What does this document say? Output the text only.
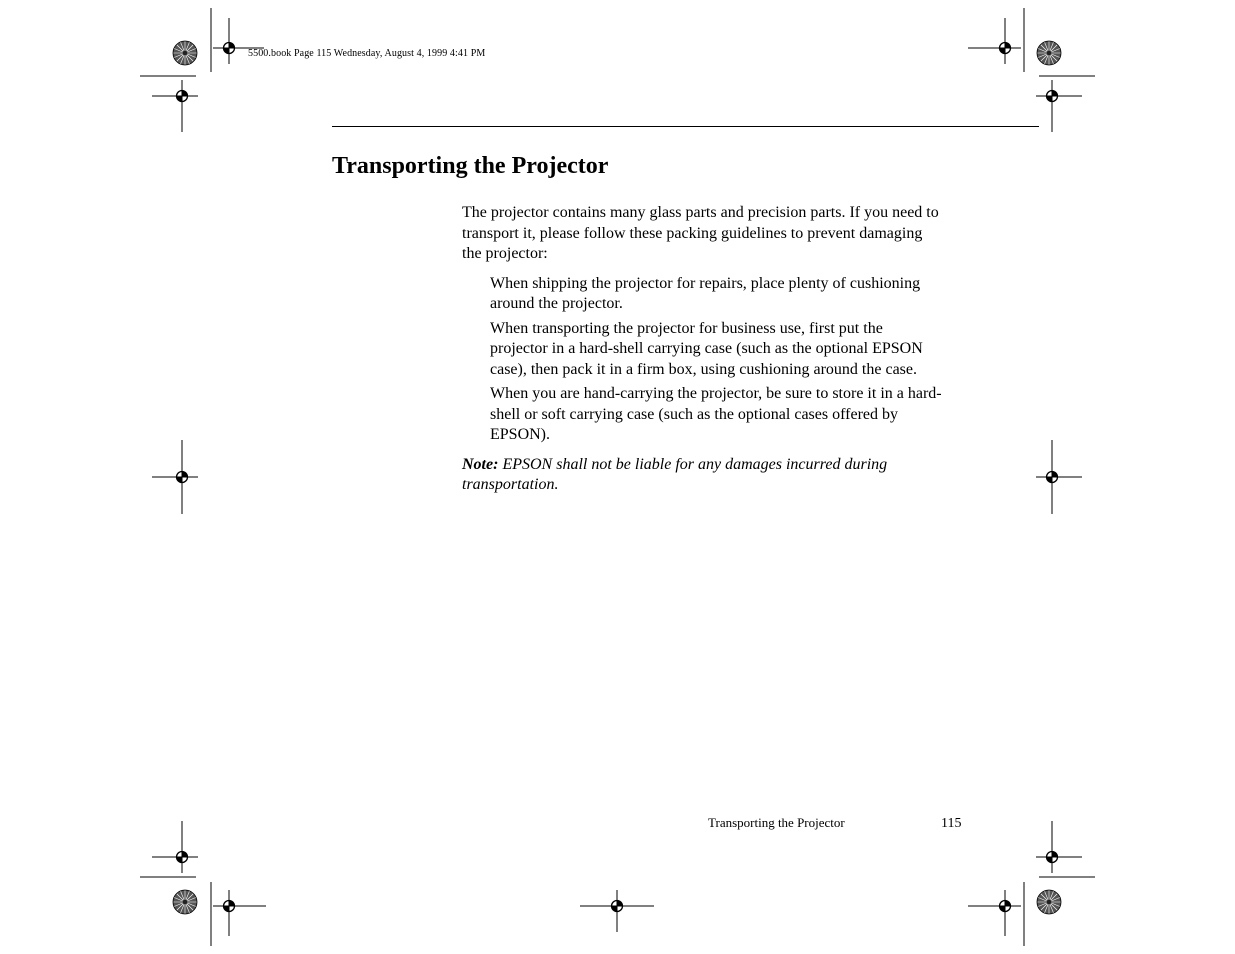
5500.book Page 115 Wednesday, August 4, 1999 4:41 PM
Transporting the Projector

The projector contains many glass parts and precision parts. If you need to transport it, please follow these packing guidelines to prevent damaging the projector:

When shipping the projector for repairs, place plenty of cushioning around the projector.
When transporting the projector for business use, first put the projector in a hard-shell carrying case (such as the optional EPSON case), then pack it in a firm box, using cushioning around the case.
When you are hand-carrying the projector, be sure to store it in a hard-shell or soft carrying case (such as the optional cases offered by EPSON).

Note: EPSON shall not be liable for any damages incurred during transportation.

Transporting the Projector	115
